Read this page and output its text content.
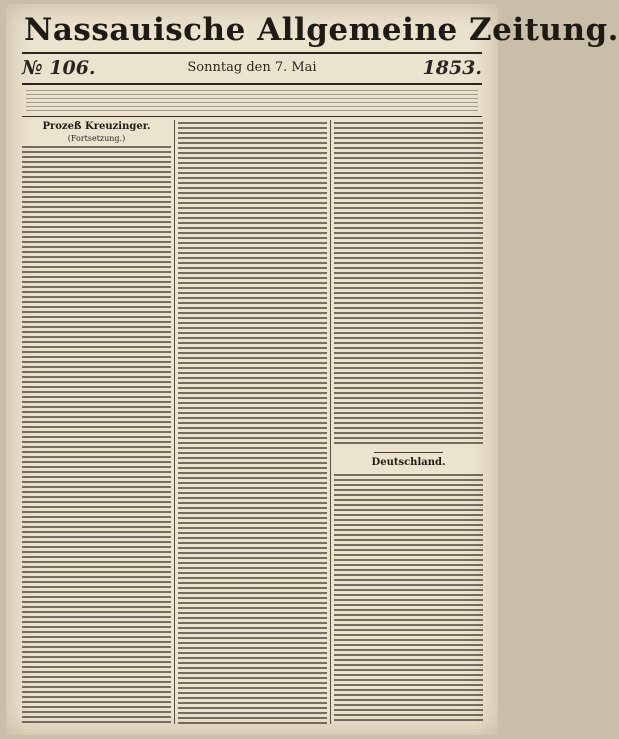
Nassauische Allgemeine Zeitung.
№ 106.	Sonntag den 7. Mai	1853.

Prozeß Kreuzinger.

(Fortsetzung.)

Deutschland.
